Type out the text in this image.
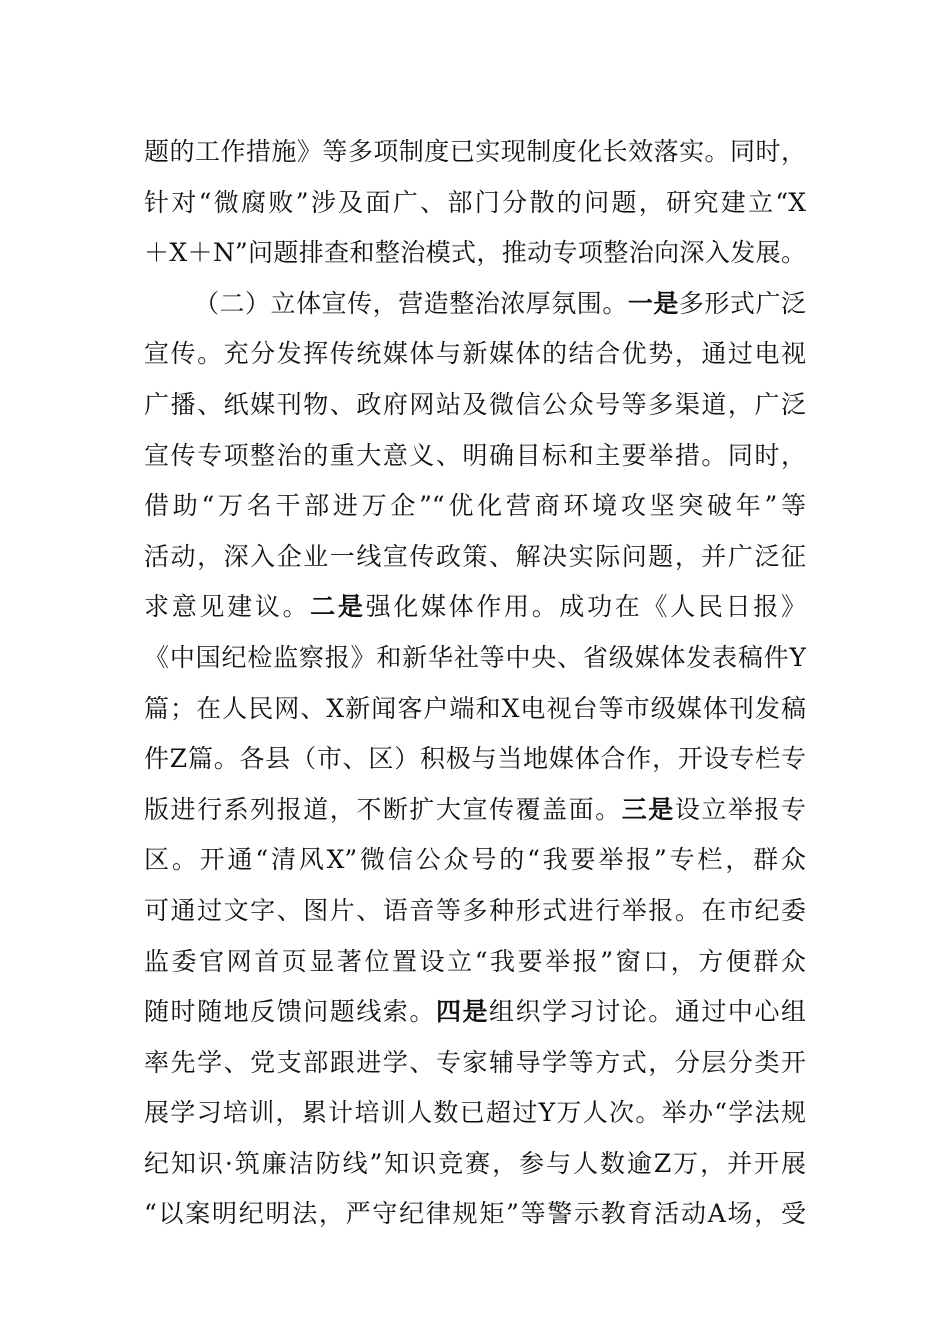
题的工作措施》等多项制度已实现制度化长效落实。同时，
针对“微腐败”涉及面广、部门分散的问题，研究建立“X
＋X＋N”问题排查和整治模式，推动专项整治向深入发展。
（二）立体宣传，营造整治浓厚氛围。一是多形式广泛
宣传。充分发挥传统媒体与新媒体的结合优势，通过电视
广播、纸媒刊物、政府网站及微信公众号等多渠道，广泛
宣传专项整治的重大意义、明确目标和主要举措。同时，
借助“万名干部进万企”“优化营商环境攻坚突破年”等
活动，深入企业一线宣传政策、解决实际问题，并广泛征
求意见建议。二是强化媒体作用。成功在《人民日报》
《中国纪检监察报》和新华社等中央、省级媒体发表稿件Y
篇；在人民网、X新闻客户端和X电视台等市级媒体刊发稿
件Z篇。各县（市、区）积极与当地媒体合作，开设专栏专
版进行系列报道，不断扩大宣传覆盖面。三是设立举报专
区。开通“清风X”微信公众号的“我要举报”专栏，群众
可通过文字、图片、语音等多种形式进行举报。在市纪委
监委官网首页显著位置设立“我要举报”窗口，方便群众
随时随地反馈问题线索。四是组织学习讨论。通过中心组
率先学、党支部跟进学、专家辅导学等方式，分层分类开
展学习培训，累计培训人数已超过Y万人次。举办“学法规
纪知识·筑廉洁防线”知识竞赛，参与人数逾Z万，并开展
“以案明纪明法，严守纪律规矩”等警示教育活动A场，受
